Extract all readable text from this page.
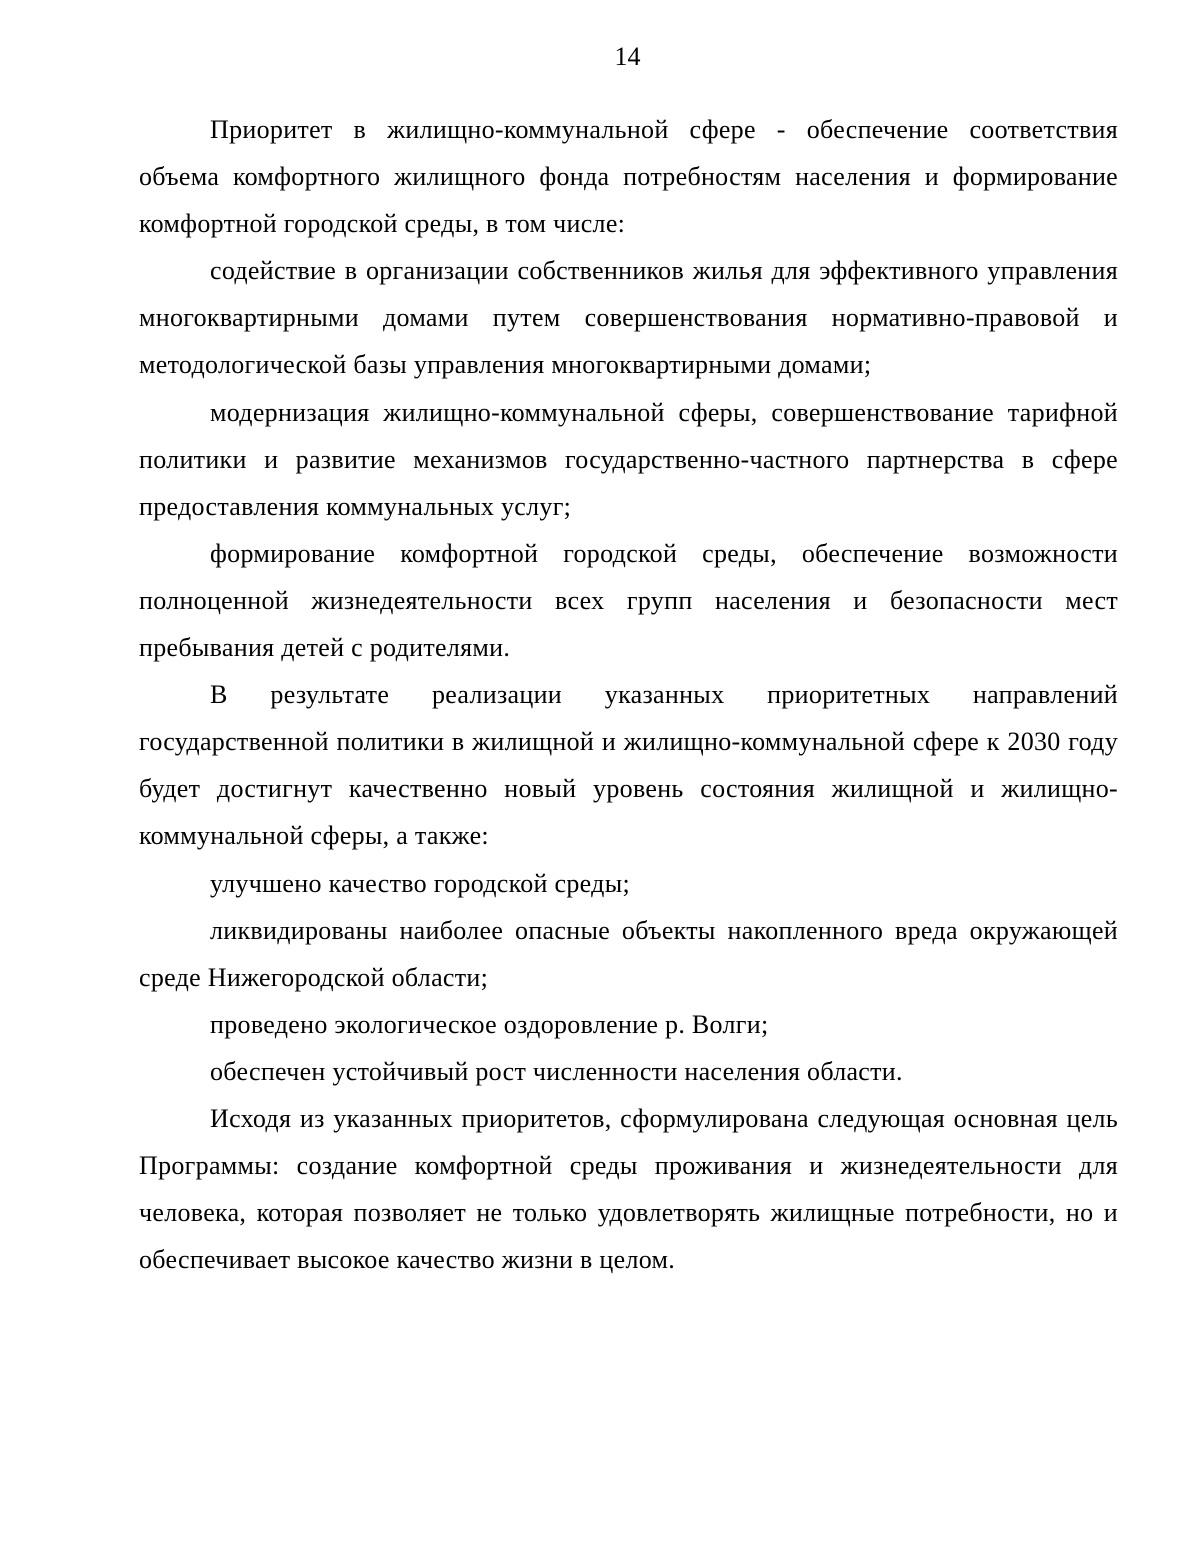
14

Приоритет в жилищно-коммунальной сфере - обеспечение соответствия объема комфортного жилищного фонда потребностям населения и формирование комфортной городской среды, в том числе:

содействие в организации собственников жилья для эффективного управления многоквартирными домами путем совершенствования нормативно-правовой и методологической базы управления многоквартирными домами;

модернизация жилищно-коммунальной сферы, совершенствование тарифной политики и развитие механизмов государственно-частного партнерства в сфере предоставления коммунальных услуг;

формирование комфортной городской среды, обеспечение возможности полноценной жизнедеятельности всех групп населения и безопасности мест пребывания детей с родителями.

В результате реализации указанных приоритетных направлений государственной политики в жилищной и жилищно-коммунальной сфере к 2030 году будет достигнут качественно новый уровень состояния жилищной и жилищно-коммунальной сферы, а также:

улучшено качество городской среды;

ликвидированы наиболее опасные объекты накопленного вреда окружающей среде Нижегородской области;

проведено экологическое оздоровление р. Волги;

обеспечен устойчивый рост численности населения области.

Исходя из указанных приоритетов, сформулирована следующая основная цель Программы: создание комфортной среды проживания и жизнедеятельности для человека, которая позволяет не только удовлетворять жилищные потребности, но и обеспечивает высокое качество жизни в целом.
